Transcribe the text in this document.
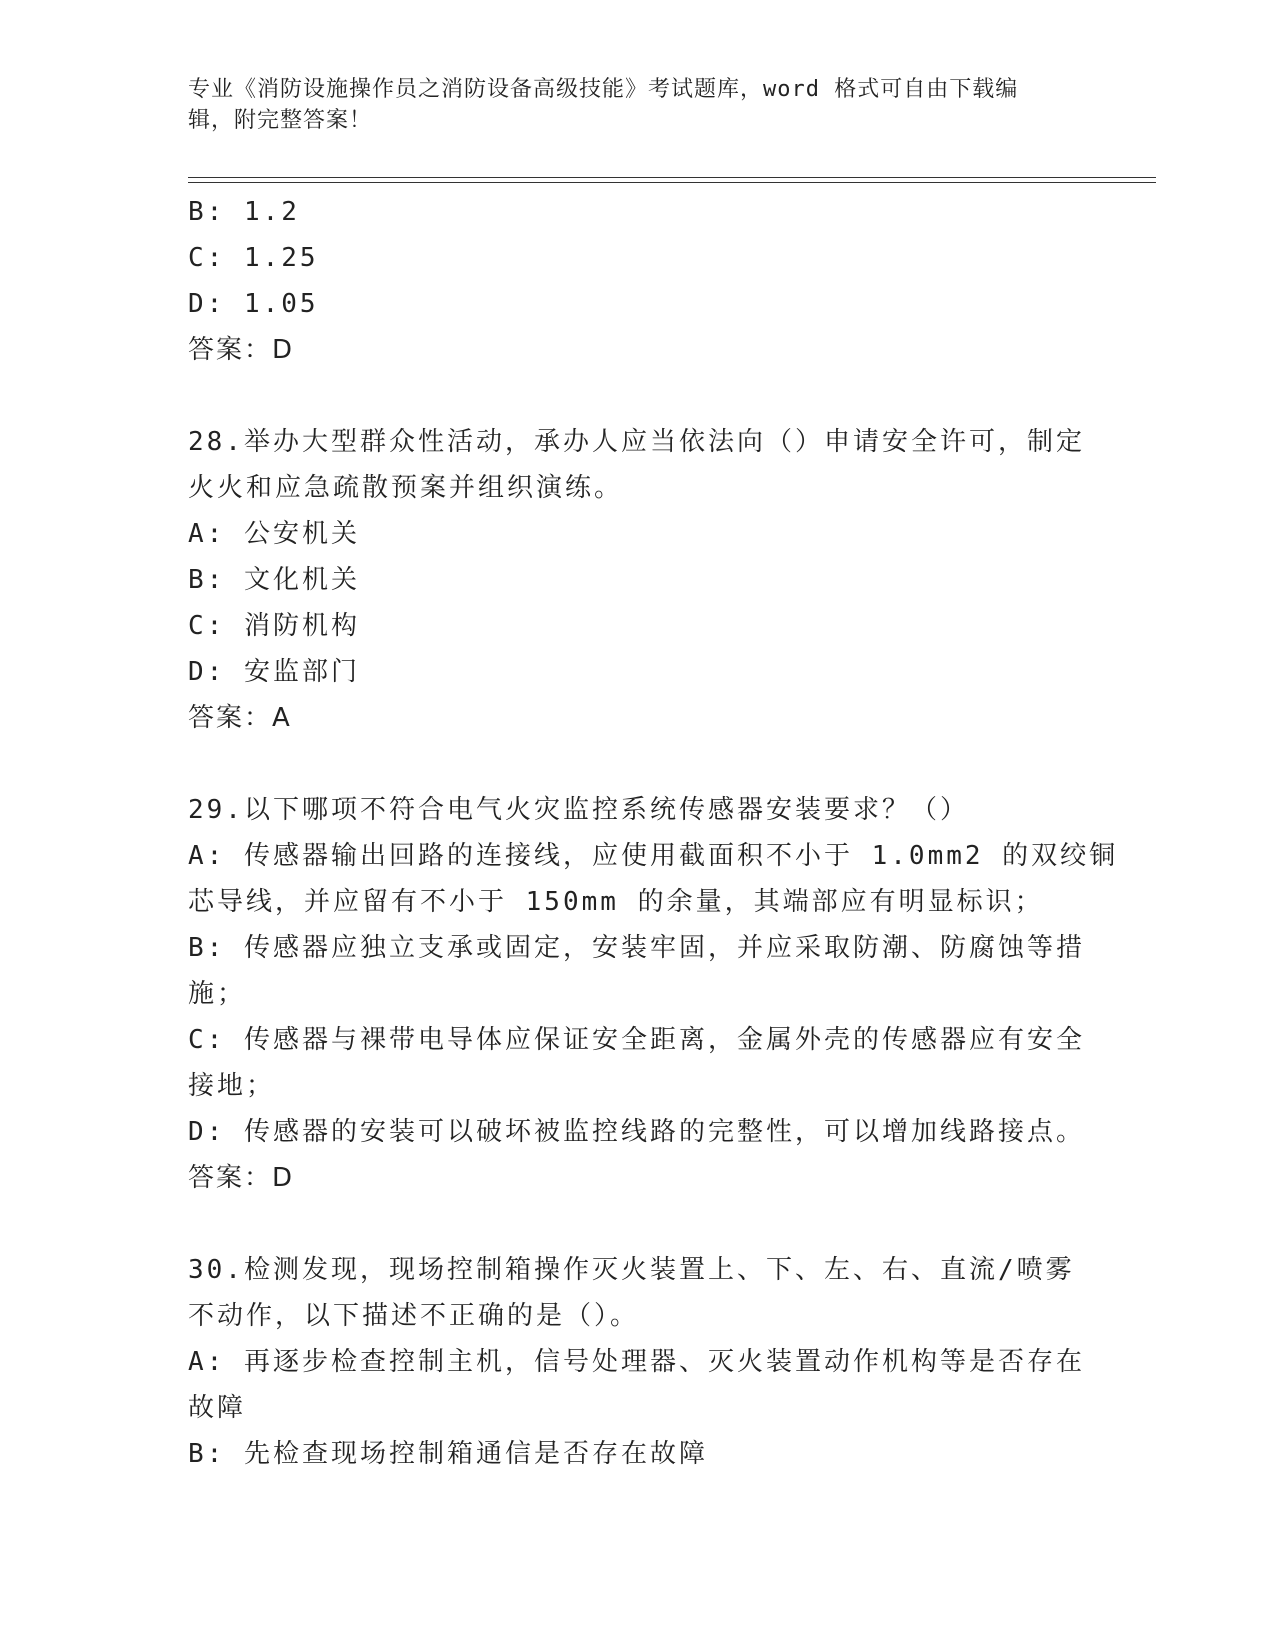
专业《消防设施操作员之消防设备高级技能》考试题库，word 格式可自由下载编
辑，附完整答案！
B: 1.2
C: 1.25
D: 1.05
答案：D
28.举办大型群众性活动，承办人应当依法向（）申请安全许可，制定
火火和应急疏散预案并组织演练。
A: 公安机关
B: 文化机关
C: 消防机构
D: 安监部门
答案：A
29.以下哪项不符合电气火灾监控系统传感器安装要求？（）
A: 传感器输出回路的连接线，应使用截面积不小于 1.0mm2 的双绞铜
芯导线，并应留有不小于 150mm 的余量，其端部应有明显标识；
B: 传感器应独立支承或固定，安装牢固，并应采取防潮、防腐蚀等措
施；
C: 传感器与裸带电导体应保证安全距离，金属外壳的传感器应有安全
接地；
D: 传感器的安装可以破坏被监控线路的完整性，可以增加线路接点。
答案：D
30.检测发现，现场控制箱操作灭火装置上、下、左、右、直流/喷雾
不动作，以下描述不正确的是（）。
A: 再逐步检查控制主机，信号处理器、灭火装置动作机构等是否存在
故障
B: 先检查现场控制箱通信是否存在故障
